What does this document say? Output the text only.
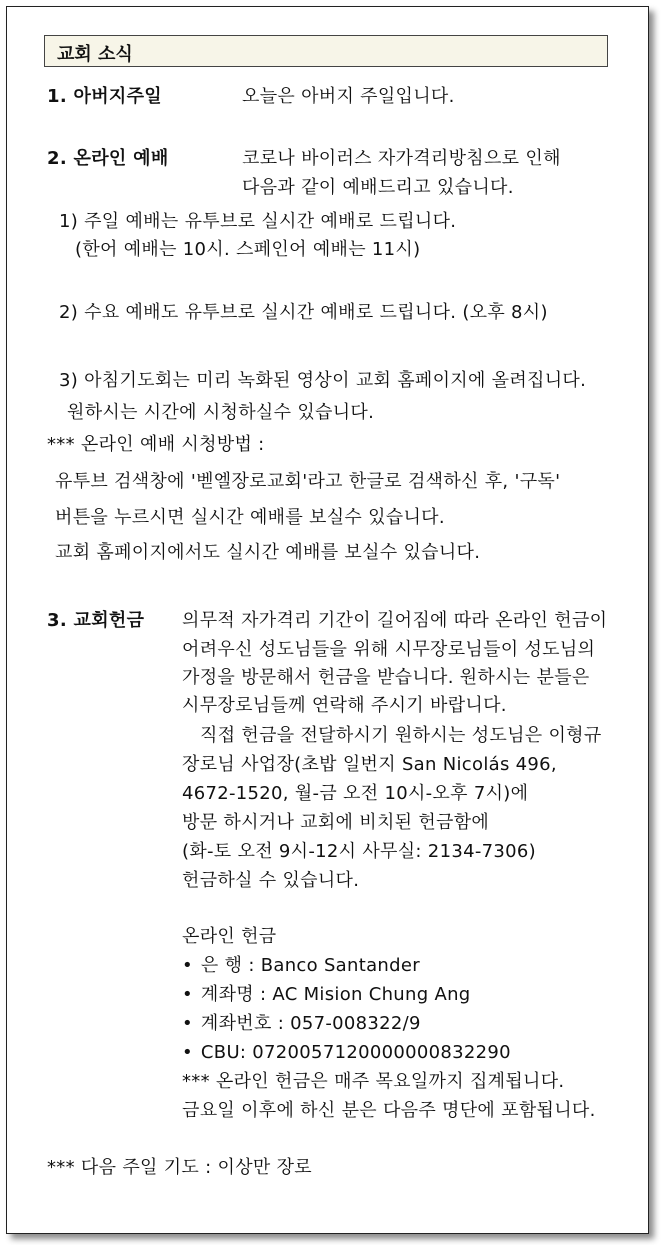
교회 소식
1. 아버지주일	오늘은 아버지 주일입니다.
2. 온라인 예배	코로나 바이러스 자가격리방침으로 인해
다음과 같이 예배드리고 있습니다.
1) 주일 예배는 유투브로 실시간 예배로 드립니다.
(한어 예배는 10시. 스페인어 예배는 11시)
2) 수요 예배도 유투브로 실시간 예배로 드립니다. (오후 8시)
3) 아침기도회는 미리 녹화된 영상이 교회 홈페이지에 올려집니다.
원하시는 시간에 시청하실수 있습니다.
*** 온라인 예배 시청방법 :
유투브 검색창에 '벧엘장로교회'라고 한글로 검색하신 후, '구독'
버튼을 누르시면 실시간 예배를 보실수 있습니다.
교회 홈페이지에서도 실시간 예배를 보실수 있습니다.
3. 교회헌금 의무적 자가격리 기간이 길어짐에 따라 온라인 헌금이
어려우신 성도님들을 위해 시무장로님들이 성도님의
가정을 방문해서 헌금을 받습니다. 원하시는 분들은
시무장로님들께 연락해 주시기 바랍니다.
직접 헌금을 전달하시기 원하시는 성도님은 이형규
장로님 사업장(초밥 일번지 San Nicolás 496,
4672-1520, 월-금 오전 10시-오후 7시)에
방문 하시거나 교회에 비치된 헌금함에
(화-토 오전 9시-12시 사무실: 2134-7306)
헌금하실 수 있습니다.
온라인 헌금
• 은 행 : Banco Santander
• 계좌명 : AC Mision Chung Ang
• 계좌번호 : 057-008322/9
• CBU: 0720057120000000832290
*** 온라인 헌금은 매주 목요일까지 집계됩니다.
금요일 이후에 하신 분은 다음주 명단에 포함됩니다.
*** 다음 주일 기도 : 이상만 장로
